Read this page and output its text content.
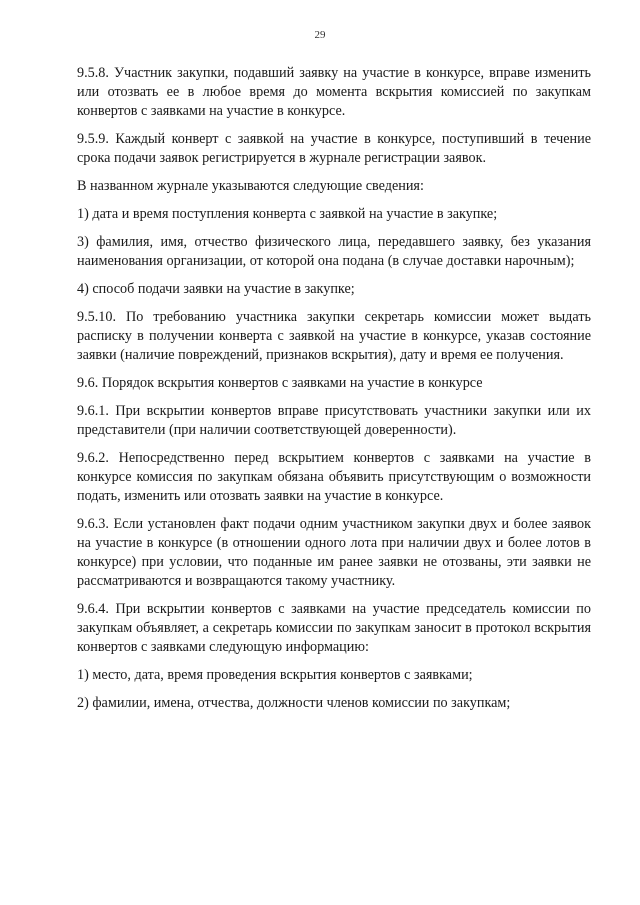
29

9.5.8. Участник закупки, подавший заявку на участие в конкурсе, вправе изменить или отозвать ее в любое время до момента вскрытия комиссией по закупкам конвертов с заявками на участие в конкурсе.

9.5.9. Каждый конверт с заявкой на участие в конкурсе, поступивший в течение срока подачи заявок регистрируется в журнале регистрации заявок.

В названном журнале указываются следующие сведения:

1) дата и время поступления конверта с заявкой на участие в закупке;

3) фамилия, имя, отчество физического лица, передавшего заявку, без указания наименования организации, от которой она подана (в случае доставки нарочным);

4) способ подачи заявки на участие в закупке;

9.5.10. По требованию участника закупки секретарь комиссии может выдать расписку в получении конверта с заявкой на участие в конкурсе, указав состояние заявки (наличие повреждений, признаков вскрытия), дату и время ее получения.

9.6. Порядок вскрытия конвертов с заявками на участие в конкурсе

9.6.1. При вскрытии конвертов вправе присутствовать участники закупки или их представители (при наличии соответствующей доверенности).

9.6.2. Непосредственно перед вскрытием конвертов с заявками на участие в конкурсе комиссия по закупкам обязана объявить присутствующим о возможности подать, изменить или отозвать заявки на участие в конкурсе.

9.6.3. Если установлен факт подачи одним участником закупки двух и более заявок на участие в конкурсе (в отношении одного лота при наличии двух и более лотов в конкурсе) при условии, что поданные им ранее заявки не отозваны, эти заявки не рассматриваются и возвращаются такому участнику.

9.6.4. При вскрытии конвертов с заявками на участие председатель комиссии по закупкам объявляет, а секретарь комиссии по закупкам заносит в протокол вскрытия конвертов с заявками следующую информацию:

1) место, дата, время проведения вскрытия конвертов с заявками;

2) фамилии, имена, отчества, должности членов комиссии по закупкам;
